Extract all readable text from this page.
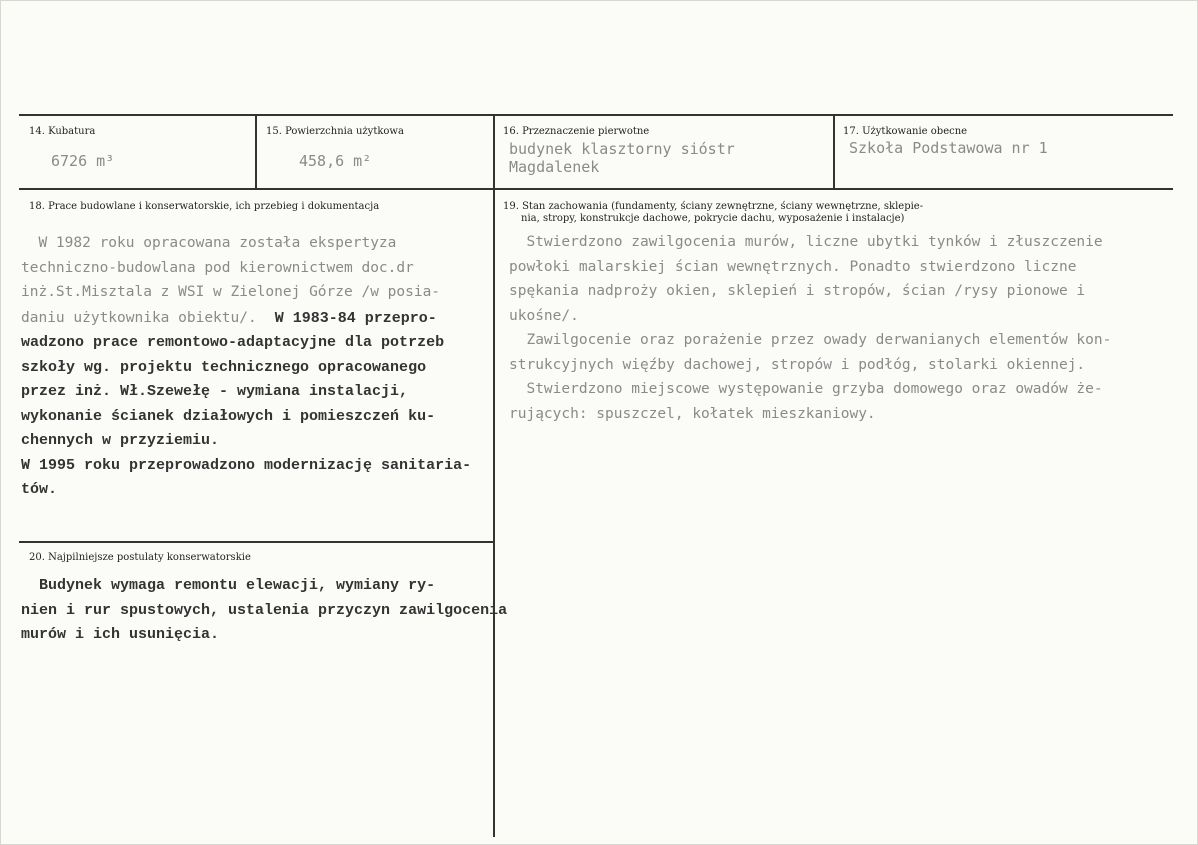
14. Kubatura
6726 m³
15. Powierzchnia użytkowa
458,6 m²
16. Przeznaczenie pierwotne
budynek klasztorny sióstr
Magdalenek
17. Użytkowanie obecne
Szkoła Podstawowa nr 1
18. Prace budowlane i konserwatorskie, ich przebieg i dokumentacja
W 1982 roku opracowana została ekspertyza
techniczno-budowlana pod kierownictwem doc.dr
inż.St.Misztala z WSI w Zielonej Górze /w posia-
daniu użytkownika obiektu/.  W 1983-84 przepro-
wadzono prace remontowo-adaptacyjne dla potrzeb
szkoły wg. projektu technicznego opracowanego
przez inż. Wł.Szewełę - wymiana instalacji,
wykonanie ścianek działowych i pomieszczeń ku-
chennych w przyziemiu.
W 1995 roku przeprowadzono modernizację sanitaria-
tów.
19. Stan zachowania (fundamenty, ściany zewnętrzne, ściany wewnętrzne, sklepie-
nia, stropy, konstrukcje dachowe, pokrycie dachu, wyposażenie i instalacje)
Stwierdzono zawilgocenia murów, liczne ubytki tynków i złuszczenie
powłoki malarskiej ścian wewnętrznych. Ponadto stwierdzono liczne
spękania nadproży okien, sklepień i stropów, ścian /rysy pionowe i
ukośne/.
Zawilgocenie oraz porażenie przez owady derwanianych elementów kon-
strukcyjnych więźby dachowej, stropów i podłóg, stolarki okiennej.
Stwierdzono miejscowe występowanie grzyba domowego oraz owadów że-
rujących: spuszczel, kołatek mieszkaniowy.
20. Najpilniejsze postulaty konserwatorskie
Budynek wymaga remontu elewacji, wymiany ry-
nien i rur spustowych, ustalenia przyczyn zawilgocenia
murów i ich usunięcia.
